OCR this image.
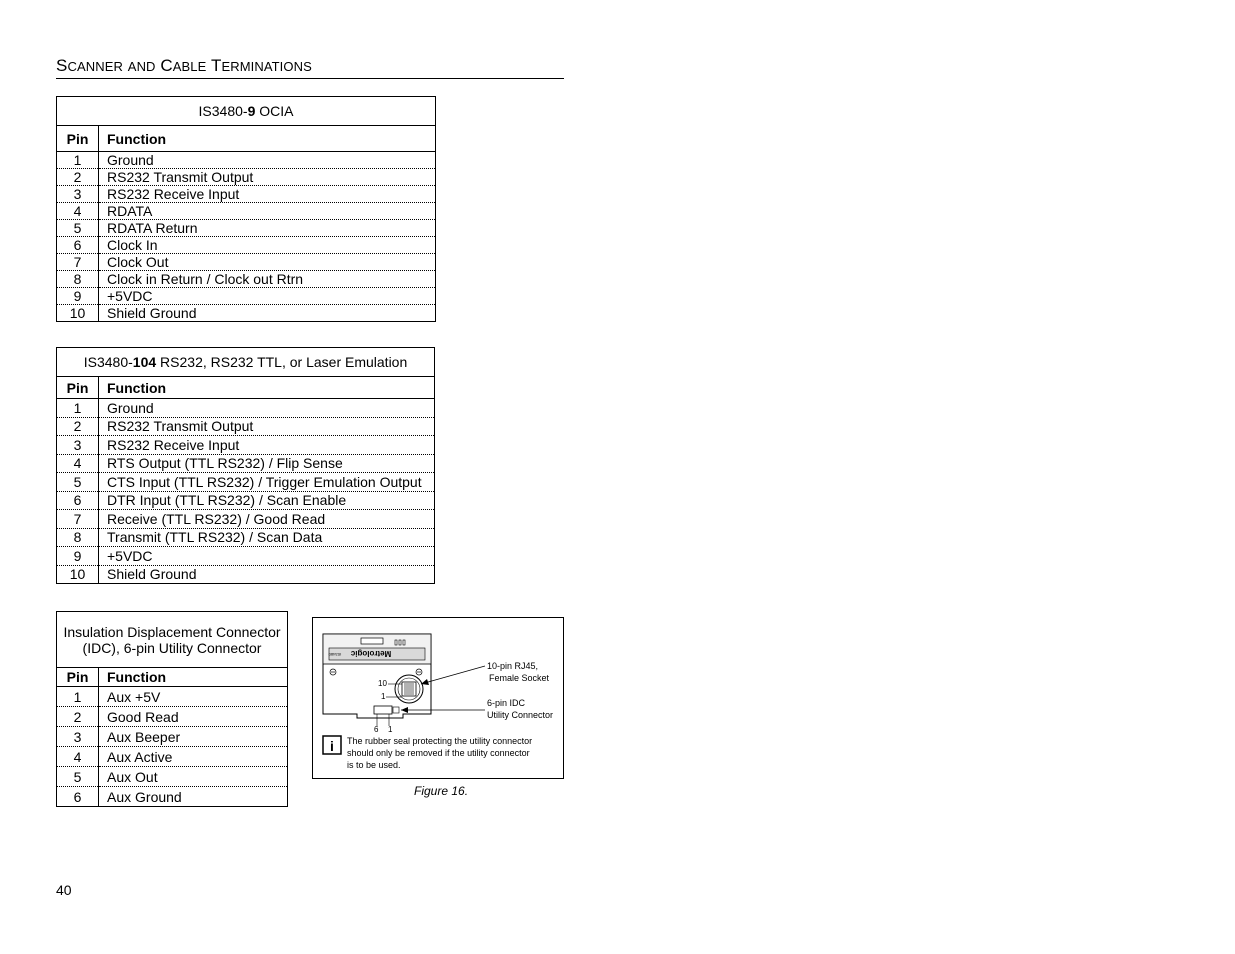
SCANNER AND CABLE TERMINATIONS
IS3480-9 OCIA	
Pin	Function
1	Ground
2	RS232 Transmit Output
3	RS232 Receive Input
4	RDATA
5	RDATA Return
6	Clock In
7	Clock Out
8	Clock in Return / Clock out Rtrn
9	+5VDC
10	Shield Ground
IS3480-104 RS232, RS232 TTL, or Laser Emulation	
Pin	Function
1	Ground
2	RS232 Transmit Output
3	RS232 Receive Input
4	RTS Output (TTL RS232) / Flip Sense
5	CTS Input (TTL RS232) / Trigger Emulation Output
6	DTR Input (TTL RS232) / Scan Enable
7	Receive (TTL RS232) / Good Read
8	Transmit (TTL RS232) / Scan Data
9	+5VDC
10	Shield Ground
Insulation Displacement Connector
(IDC), 6-pin Utility Connector	
Pin	Function
1	Aux +5V
2	Good Read
3	Aux Beeper
4	Aux Active
5	Aux Out
6	Aux Ground
Metrologic
IS3480
10
1
6 1
10-pin RJ45,
Female Socket
6-pin IDC
Utility Connector
i The rubber seal protecting the utility connector
should only be removed if the utility connector
is to be used.
Figure 16.
40
